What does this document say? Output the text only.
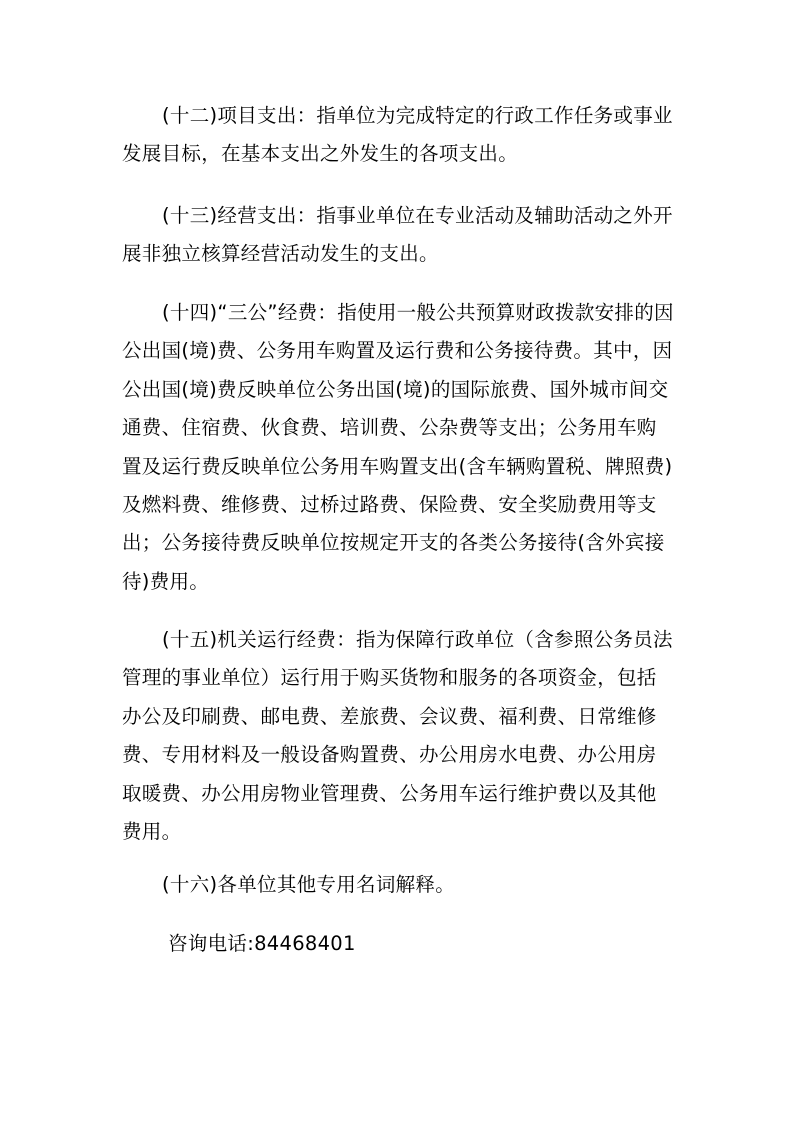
(十二)项目支出：指单位为完成特定的行政工作任务或事业发展目标，在基本支出之外发生的各项支出。

(十三)经营支出：指事业单位在专业活动及辅助活动之外开展非独立核算经营活动发生的支出。

(十四)“三公”经费：指使用一般公共预算财政拨款安排的因公出国(境)费、公务用车购置及运行费和公务接待费。其中，因公出国(境)费反映单位公务出国(境)的国际旅费、国外城市间交通费、住宿费、伙食费、培训费、公杂费等支出；公务用车购置及运行费反映单位公务用车购置支出(含车辆购置税、牌照费)及燃料费、维修费、过桥过路费、保险费、安全奖励费用等支出；公务接待费反映单位按规定开支的各类公务接待(含外宾接待)费用。

(十五)机关运行经费：指为保障行政单位（含参照公务员法管理的事业单位）运行用于购买货物和服务的各项资金，包括办公及印刷费、邮电费、差旅费、会议费、福利费、日常维修费、专用材料及一般设备购置费、办公用房水电费、办公用房取暖费、办公用房物业管理费、公务用车运行维护费以及其他费用。

(十六)各单位其他专用名词解释。

咨询电话:84468401
